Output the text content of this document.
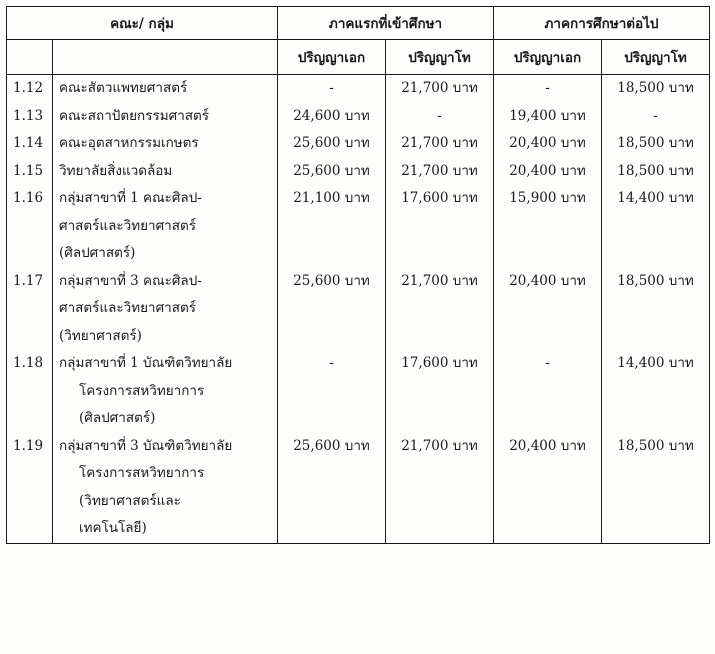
คณะ/ กลุ่ม		ภาคแรกที่เข้าศึกษา		ภาคการศึกษาต่อไป	
		ปริญญาเอก	ปริญญาโท	ปริญญาเอก	ปริญญาโท

1.12	คณะสัตวแพทยศาสตร์	-	21,700 บาท	-	18,500 บาท

1.13	คณะสถาปัตยกรรมศาสตร์	24,600 บาท	-	19,400 บาท	-

1.14	คณะอุตสาหกรรมเกษตร	25,600 บาท	21,700 บาท	20,400 บาท	18,500 บาท

1.15	วิทยาลัยสิ่งแวดล้อม	25,600 บาท	21,700 บาท	20,400 บาท	18,500 บาท

1.16	กลุ่มสาขาที่ 1 คณะศิลป-
ศาสตร์และวิทยาศาสตร์
(ศิลปศาสตร์)	21,100 บาท	17,600 บาท	15,900 บาท	14,400 บาท

1.17	กลุ่มสาขาที่ 3 คณะศิลป-
ศาสตร์และวิทยาศาสตร์
(วิทยาศาสตร์)	25,600 บาท	21,700 บาท	20,400 บาท	18,500 บาท

1.18	กลุ่มสาขาที่ 1 บัณฑิตวิทยาลัย
โครงการสหวิทยาการ
(ศิลปศาสตร์)	-	17,600 บาท	-	14,400 บาท

1.19	กลุ่มสาขาที่ 3 บัณฑิตวิทยาลัย
โครงการสหวิทยาการ
(วิทยาศาสตร์และ
เทคโนโลยี)	25,600 บาท	21,700 บาท	20,400 บาท	18,500 บาท
